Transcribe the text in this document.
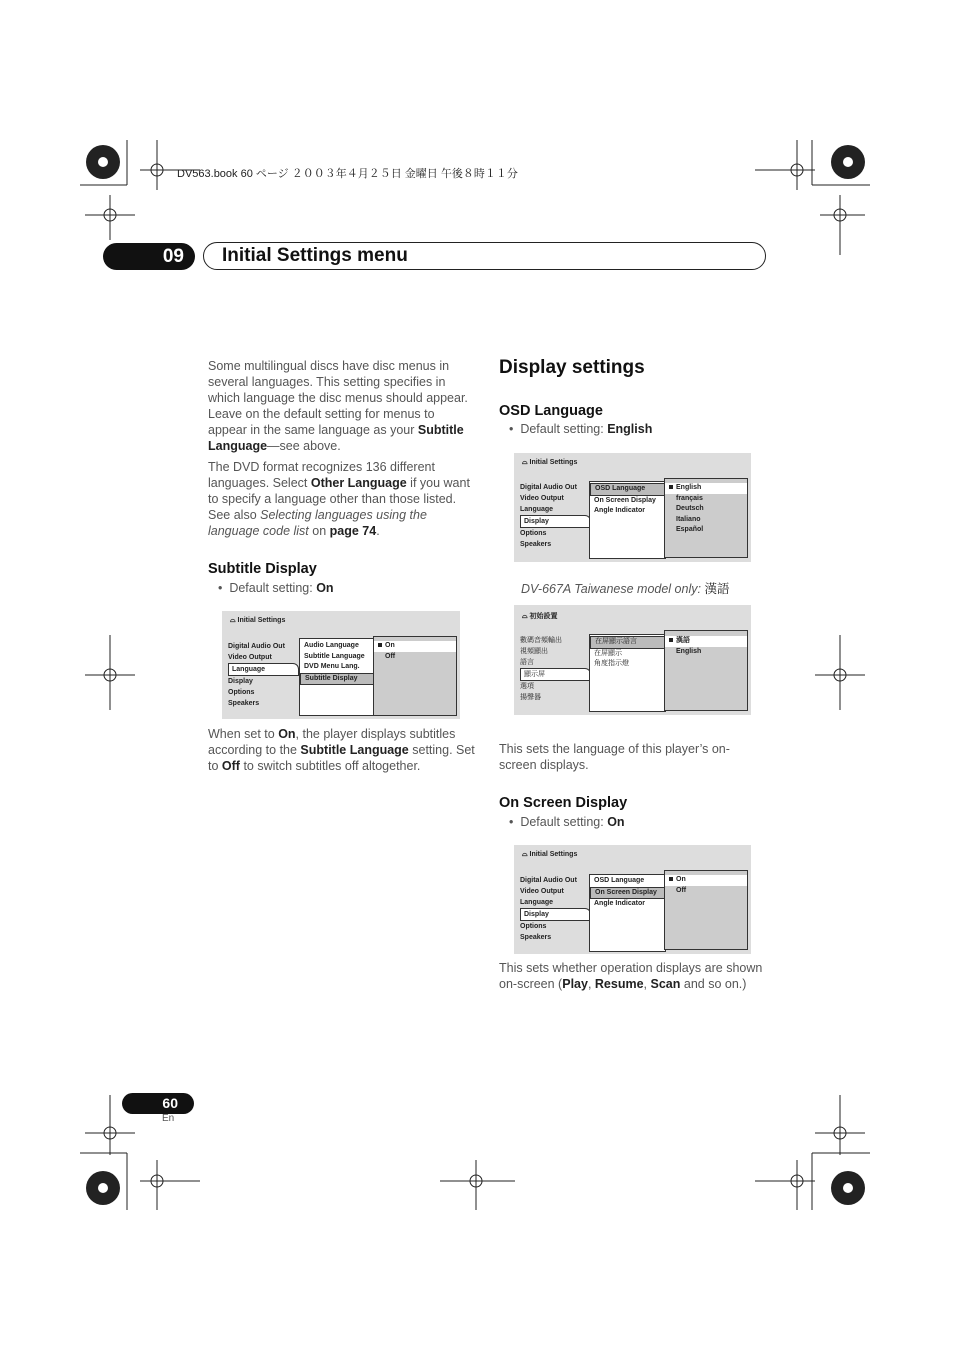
DV563.book 60 ページ ２００３年４月２５日 金曜日 午後８時１１分
09	Initial Settings menu
Some multilingual discs have disc menus in several languages. This setting specifies in which language the disc menus should appear. Leave on the default setting for menus to appear in the same language as your Subtitle Language—see above.
The DVD format recognizes 136 different languages. Select Other Language if you want to specify a language other than those listed. See also Selecting languages using the language code list on page 74.
Subtitle Display
•  Default setting: On
⌓ Initial Settings
Digital Audio Out
Video Output
Language
Display
Options
Speakers
Audio Language
Subtitle Language
DVD Menu Lang.
Subtitle Display
On
Off
When set to On, the player displays subtitles according to the Subtitle Language setting. Set to Off to switch subtitles off altogether.
Display settings
OSD Language
•  Default setting: English
⌓ Initial Settings
Digital Audio Out
Video Output
Language
Display
Options
Speakers
OSD Language
On Screen Display
Angle Indicator
English
français
Deutsch
Italiano
Español
DV-667A Taiwanese model only: 漢語
⌓ 初始設置
數碼音頻輸出
視頻顯出
語言
顯示屏
選項
揚聲器
在屏顯示語言
在屏顯示
角度指示燈
漢語
English
This sets the language of this player’s on-screen displays.
On Screen Display
•  Default setting: On
⌓ Initial Settings
Digital Audio Out
Video Output
Language
Display
Options
Speakers
OSD Language
On Screen Display
Angle Indicator
On
Off
This sets whether operation displays are shown on-screen (Play, Resume, Scan and so on.)
60
En
